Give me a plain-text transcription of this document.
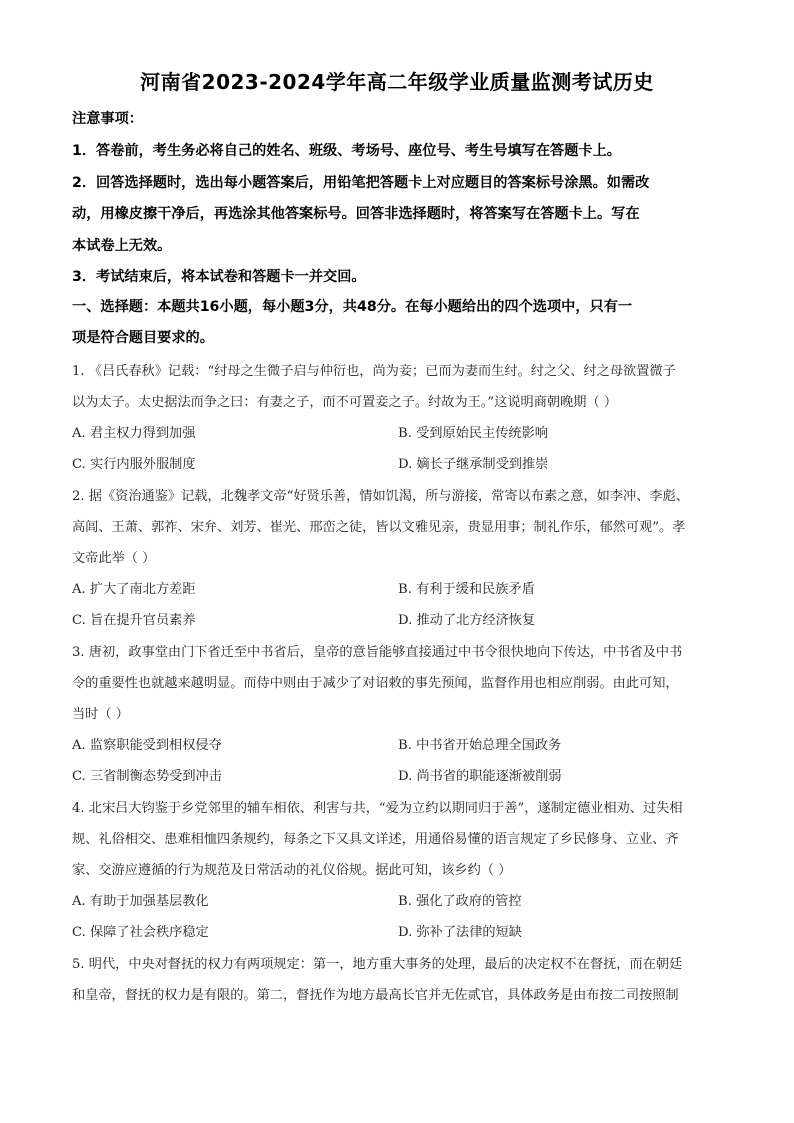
河南省2023-2024学年高二年级学业质量监测考试历史
注意事项：
1．答卷前，考生务必将自己的姓名、班级、考场号、座位号、考生号填写在答题卡上。
2．回答选择题时，选出每小题答案后，用铅笔把答题卡上对应题目的答案标号涂黑。如需改
动，用橡皮擦干净后，再选涂其他答案标号。回答非选择题时，将答案写在答题卡上。写在
本试卷上无效。
3．考试结束后，将本试卷和答题卡一并交回。
一、选择题：本题共16小题，每小题3分，共48分。在每小题给出的四个选项中，只有一
项是符合题目要求的。
1. 《吕氏春秋》记载：“纣母之生微子启与仲衍也，尚为妾；已而为妻而生纣。纣之父、纣之母欲置微子
以为太子。太史据法而争之曰：有妻之子，而不可置妾之子。纣故为王。”这说明商朝晚期（ ）
A. 君主权力得到加强	B. 受到原始民主传统影响
C. 实行内服外服制度	D. 嫡长子继承制受到推崇
2. 据《资治通鉴》记载，北魏孝文帝“好贤乐善，情如饥渴，所与游接，常寄以布素之意，如李冲、李彪、
高闾、王萧、郭祚、宋弁、刘芳、崔光、邢峦之徒，皆以文雅见亲，贵显用事；制礼作乐，郁然可观”。孝
文帝此举（ ）
A. 扩大了南北方差距	B. 有利于缓和民族矛盾
C. 旨在提升官员素养	D. 推动了北方经济恢复
3. 唐初，政事堂由门下省迁至中书省后，皇帝的意旨能够直接通过中书令很快地向下传达，中书省及中书
令的重要性也就越来越明显。而侍中则由于减少了对诏敕的事先预闻，监督作用也相应削弱。由此可知，
当时（ ）
A. 监察职能受到相权侵夺	B. 中书省开始总理全国政务
C. 三省制衡态势受到冲击	D. 尚书省的职能逐渐被削弱
4. 北宋吕大钧鉴于乡党邻里的辅车相依、利害与共，“爱为立约以期同归于善”，遂制定德业相劝、过失相
规、礼俗相交、患难相恤四条规约，每条之下又具文详述，用通俗易懂的语言规定了乡民修身、立业、齐
家、交游应遵循的行为规范及日常活动的礼仪俗规。据此可知，该乡约（ ）
A. 有助于加强基层教化	B. 强化了政府的管控
C. 保障了社会秩序稳定	D. 弥补了法律的短缺
5. 明代，中央对督抚的权力有两项规定：第一，地方重大事务的处理，最后的决定权不在督抚，而在朝廷
和皇帝，督抚的权力是有限的。第二，督抚作为地方最高长官并无佐贰官，具体政务是由布按二司按照制
